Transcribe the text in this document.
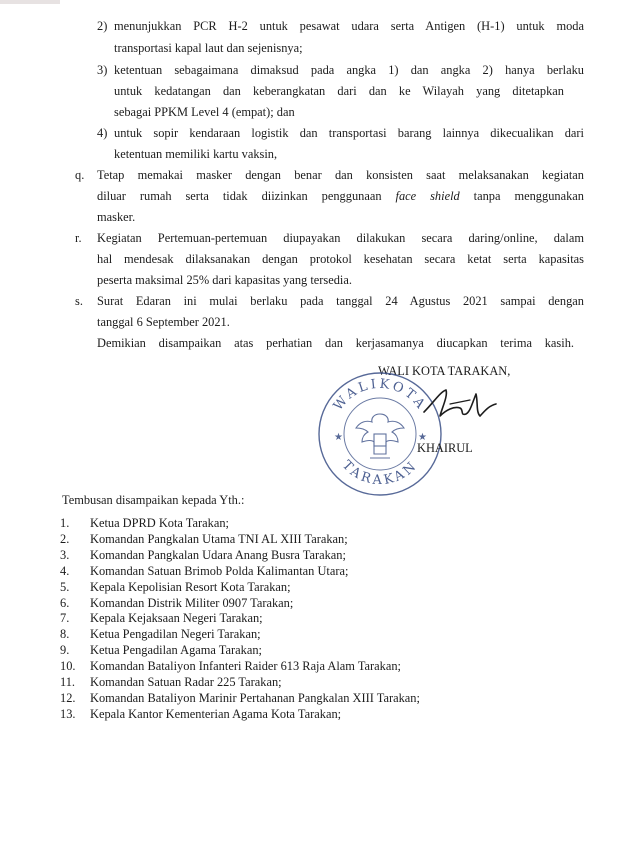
2) menunjukkan PCR H-2 untuk pesawat udara serta Antigen (H-1) untuk moda
transportasi kapal laut dan sejenisnya;
3) ketentuan sebagaimana dimaksud pada angka 1) dan angka 2) hanya berlaku
untuk kedatangan dan keberangkatan dari dan ke Wilayah yang ditetapkan
sebagai PPKM Level 4 (empat); dan
4) untuk sopir kendaraan logistik dan transportasi barang lainnya dikecualikan dari
ketentuan memiliki kartu vaksin,
q. Tetap memakai masker dengan benar dan konsisten saat melaksanakan kegiatan
diluar rumah serta tidak diizinkan penggunaan face shield tanpa menggunakan
masker.
r. Kegiatan Pertemuan-pertemuan diupayakan dilakukan secara daring/online, dalam
hal mendesak dilaksanakan dengan protokol kesehatan secara ketat serta kapasitas
peserta maksimal 25% dari kapasitas yang tersedia.
s. Surat Edaran ini mulai berlaku pada tanggal 24 Agustus 2021 sampai dengan
tanggal 6 September 2021.
Demikian disampaikan atas perhatian dan kerjasamanya diucapkan terima kasih.
WALI KOTA TARAKAN,
WALIKOTA
TARAKAN
★	★
KHAIRUL
Tembusan disampaikan kepada Yth.:
1.	Ketua DPRD Kota Tarakan;
2.	Komandan Pangkalan Utama TNI AL XIII Tarakan;
3.	Komandan Pangkalan Udara Anang Busra Tarakan;
4.	Komandan Satuan Brimob Polda Kalimantan Utara;
5.	Kepala Kepolisian Resort Kota Tarakan;
6.	Komandan Distrik Militer 0907 Tarakan;
7.	Kepala Kejaksaan Negeri Tarakan;
8.	Ketua Pengadilan Negeri Tarakan;
9.	Ketua Pengadilan Agama Tarakan;
10.	Komandan Bataliyon Infanteri Raider 613 Raja Alam Tarakan;
11.	Komandan Satuan Radar 225 Tarakan;
12.	Komandan Bataliyon Marinir Pertahanan Pangkalan XIII Tarakan;
13.	Kepala Kantor Kementerian Agama Kota Tarakan;
